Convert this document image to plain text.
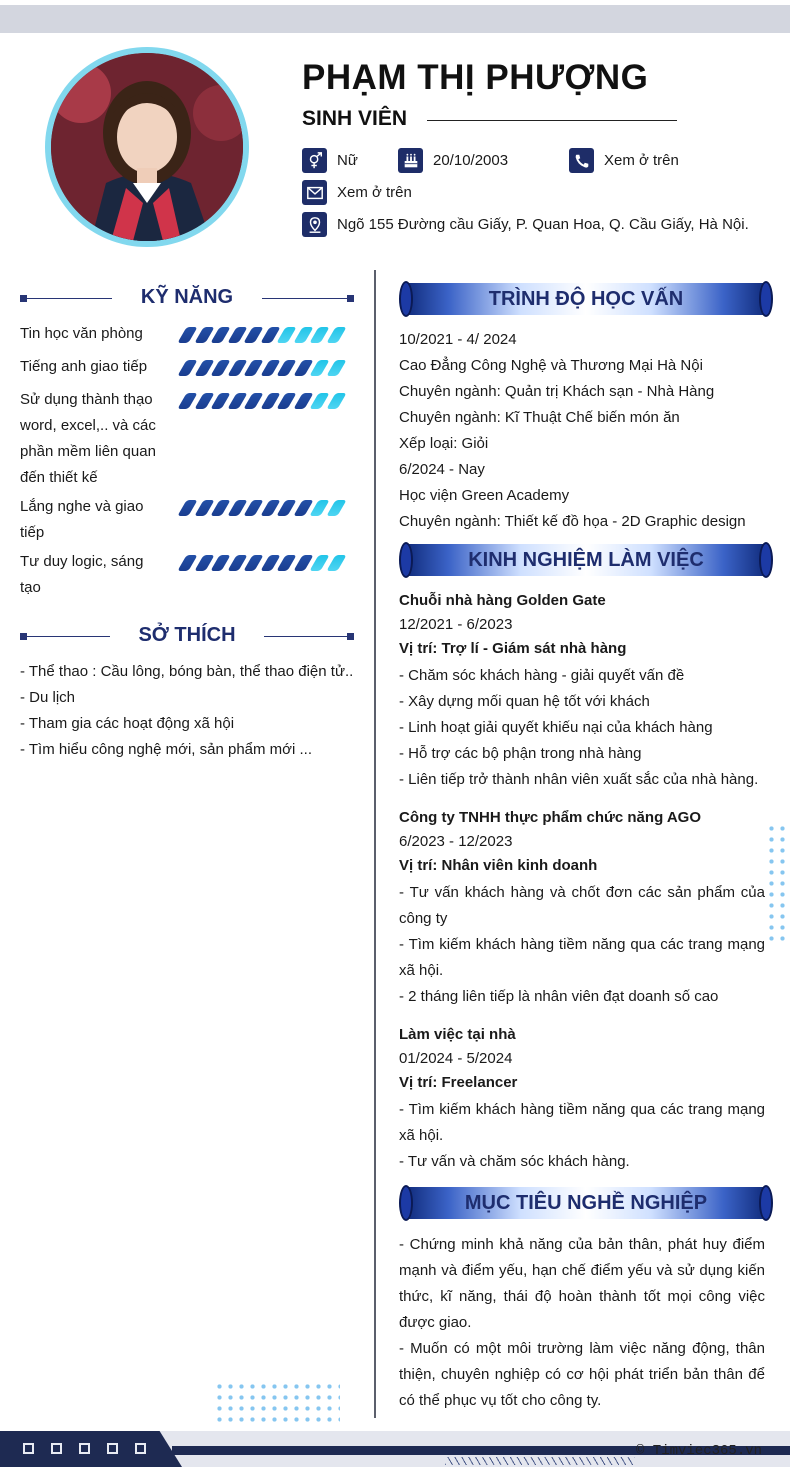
PHẠM THỊ PHƯỢNG
SINH VIÊN
Nữ	20/10/2003	Xem ở trên
Xem ở trên
Ngõ 155 Đường cầu Giấy, P. Quan Hoa, Q. Cầu Giấy, Hà Nội.
KỸ NĂNG
Tin học văn phòng
Tiếng anh giao tiếp
Sử dụng thành thạo word, excel,.. và các phần mềm liên quan đến thiết kế
Lắng nghe và giao tiếp
Tư duy logic, sáng tạo
SỞ THÍCH
- Thể thao : Cầu lông, bóng bàn, thể thao điện tử..
- Du lịch
- Tham gia các hoạt động xã hội
- Tìm hiểu công nghệ mới, sản phẩm mới ...
TRÌNH ĐỘ HỌC VẤN

10/2021 - 4/ 2024

Cao Đẳng Công Nghệ và Thương Mại Hà Nội

Chuyên ngành: Quản trị Khách sạn - Nhà Hàng

Chuyên ngành: Kĩ Thuật Chế biến món ăn

Xếp loại: Giỏi

6/2024 - Nay

Học viện Green Academy

Chuyên ngành: Thiết kế đồ họa - 2D Graphic design

KINH NGHIỆM LÀM VIỆC

Chuỗi nhà hàng Golden Gate

12/2021 - 6/2023

Vị trí: Trợ lí - Giám sát nhà hàng

- Chăm sóc khách hàng - giải quyết vấn đề

- Xây dựng mối quan hệ tốt với khách

- Linh hoạt giải quyết khiếu nại của khách hàng

- Hỗ trợ các bộ phận trong nhà hàng

- Liên tiếp trở thành nhân viên xuất sắc của nhà hàng.

Công ty TNHH thực phẩm chức năng AGO

6/2023 - 12/2023

Vị trí: Nhân viên kinh doanh

- Tư vấn khách hàng và chốt đơn các sản phẩm của công ty

- Tìm kiếm khách hàng tiềm năng qua các trang mạng xã hội.

- 2 tháng liên tiếp là nhân viên đạt doanh số cao

Làm việc tại nhà

01/2024 - 5/2024

Vị trí: Freelancer

- Tìm kiếm khách hàng tiềm năng qua các trang mạng xã hội.

- Tư vấn và chăm sóc khách hàng.

MỤC TIÊU NGHỀ NGHIỆP

- Chứng minh khả năng của bản thân, phát huy điểm mạnh và điểm yếu, hạn chế điểm yếu và sử dụng kiến thức, kĩ năng, thái độ hoàn thành tốt mọi công việc được giao.

- Muốn có một môi trường làm việc năng động, thân thiện, chuyên nghiệp có cơ hội phát triển bản thân để có thể phục vụ tốt cho công ty.

© Timviec365.vn
